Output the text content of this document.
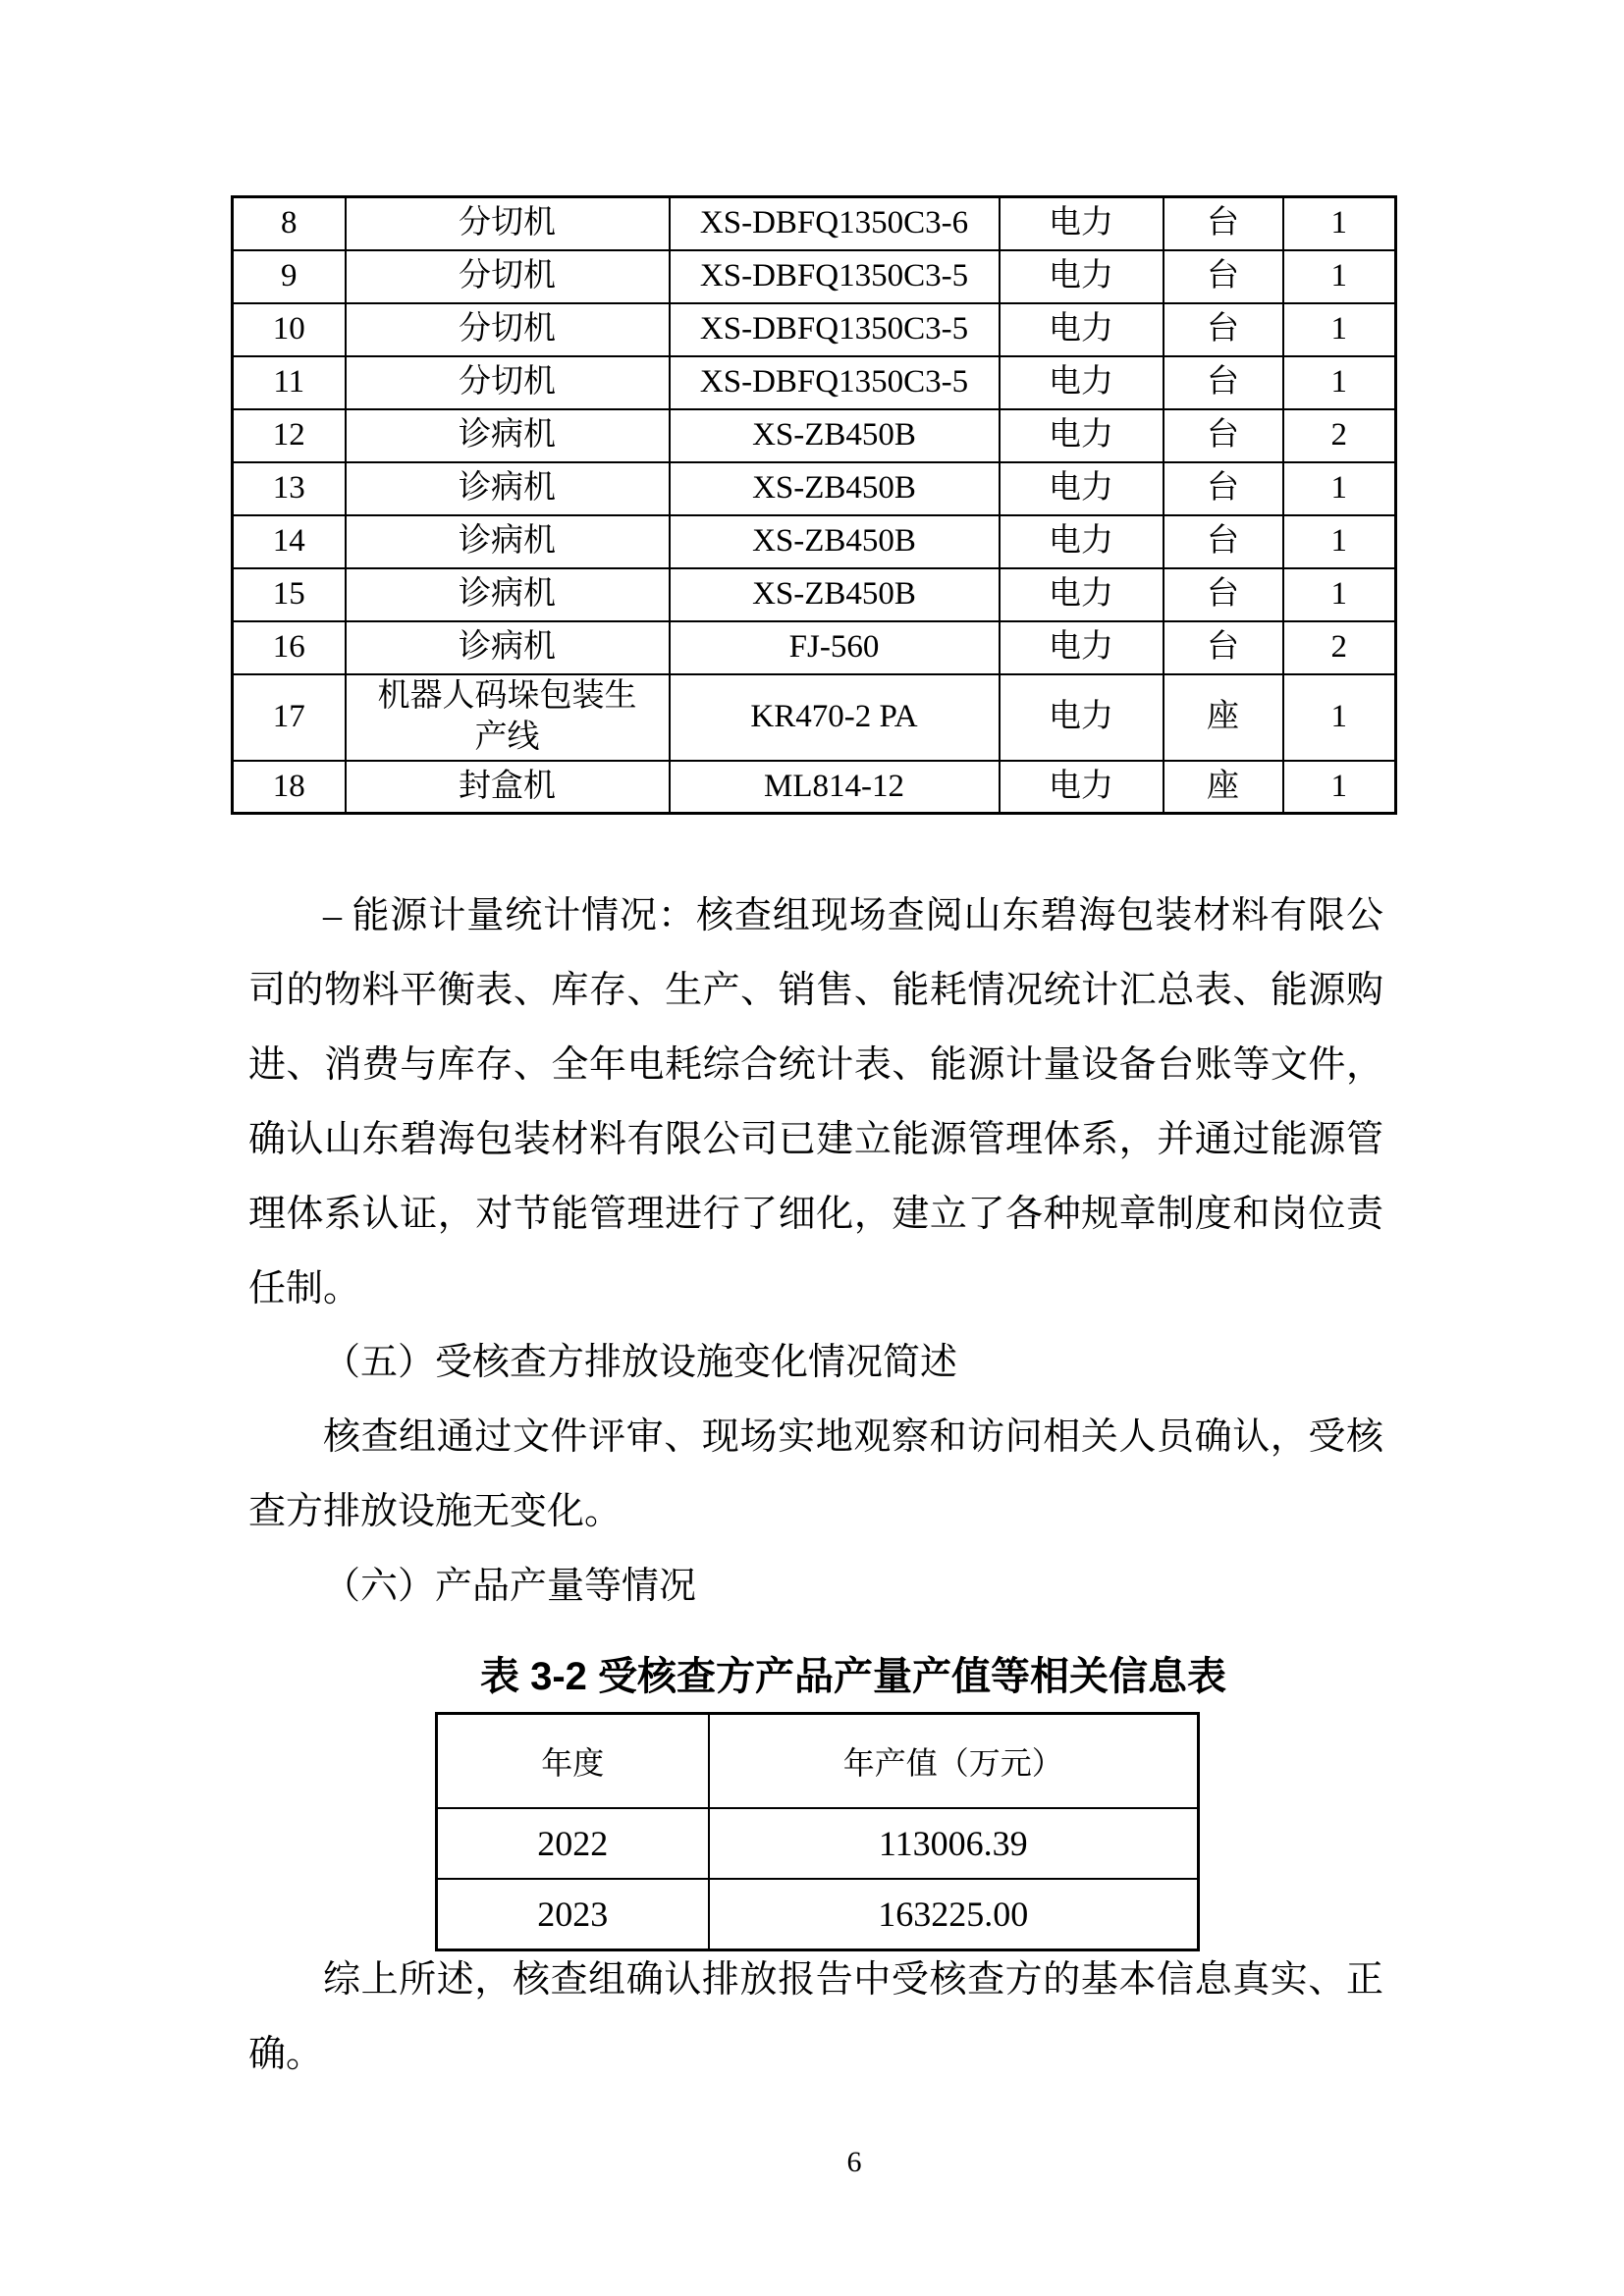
8	分切机	XS-DBFQ1350C3-6	电力	台	1
9	分切机	XS-DBFQ1350C3-5	电力	台	1
10	分切机	XS-DBFQ1350C3-5	电力	台	1
11	分切机	XS-DBFQ1350C3-5	电力	台	1
12	诊病机	XS-ZB450B	电力	台	2
13	诊病机	XS-ZB450B	电力	台	1
14	诊病机	XS-ZB450B	电力	台	1
15	诊病机	XS-ZB450B	电力	台	1
16	诊病机	FJ-560	电力	台	2
17	机器人码垛包装生产线	KR470-2 PA	电力	座	1
18	封盒机	ML814-12	电力	座	1
– 能源计量统计情况：核查组现场查阅山东碧海包装材料有限公
司的物料平衡表、库存、生产、销售、能耗情况统计汇总表、能源购
进、消费与库存、全年电耗综合统计表、能源计量设备台账等文件，
确认山东碧海包装材料有限公司已建立能源管理体系，并通过能源管
理体系认证，对节能管理进行了细化，建立了各种规章制度和岗位责
任制。
（五）受核查方排放设施变化情况简述
核查组通过文件评审、现场实地观察和访问相关人员确认，受核
查方排放设施无变化。
（六）产品产量等情况
表 3-2 受核查方产品产量产值等相关信息表
年度	年产值（万元）
2022	113006.39
2023	163225.00
综上所述，核查组确认排放报告中受核查方的基本信息真实、正
确。
6
